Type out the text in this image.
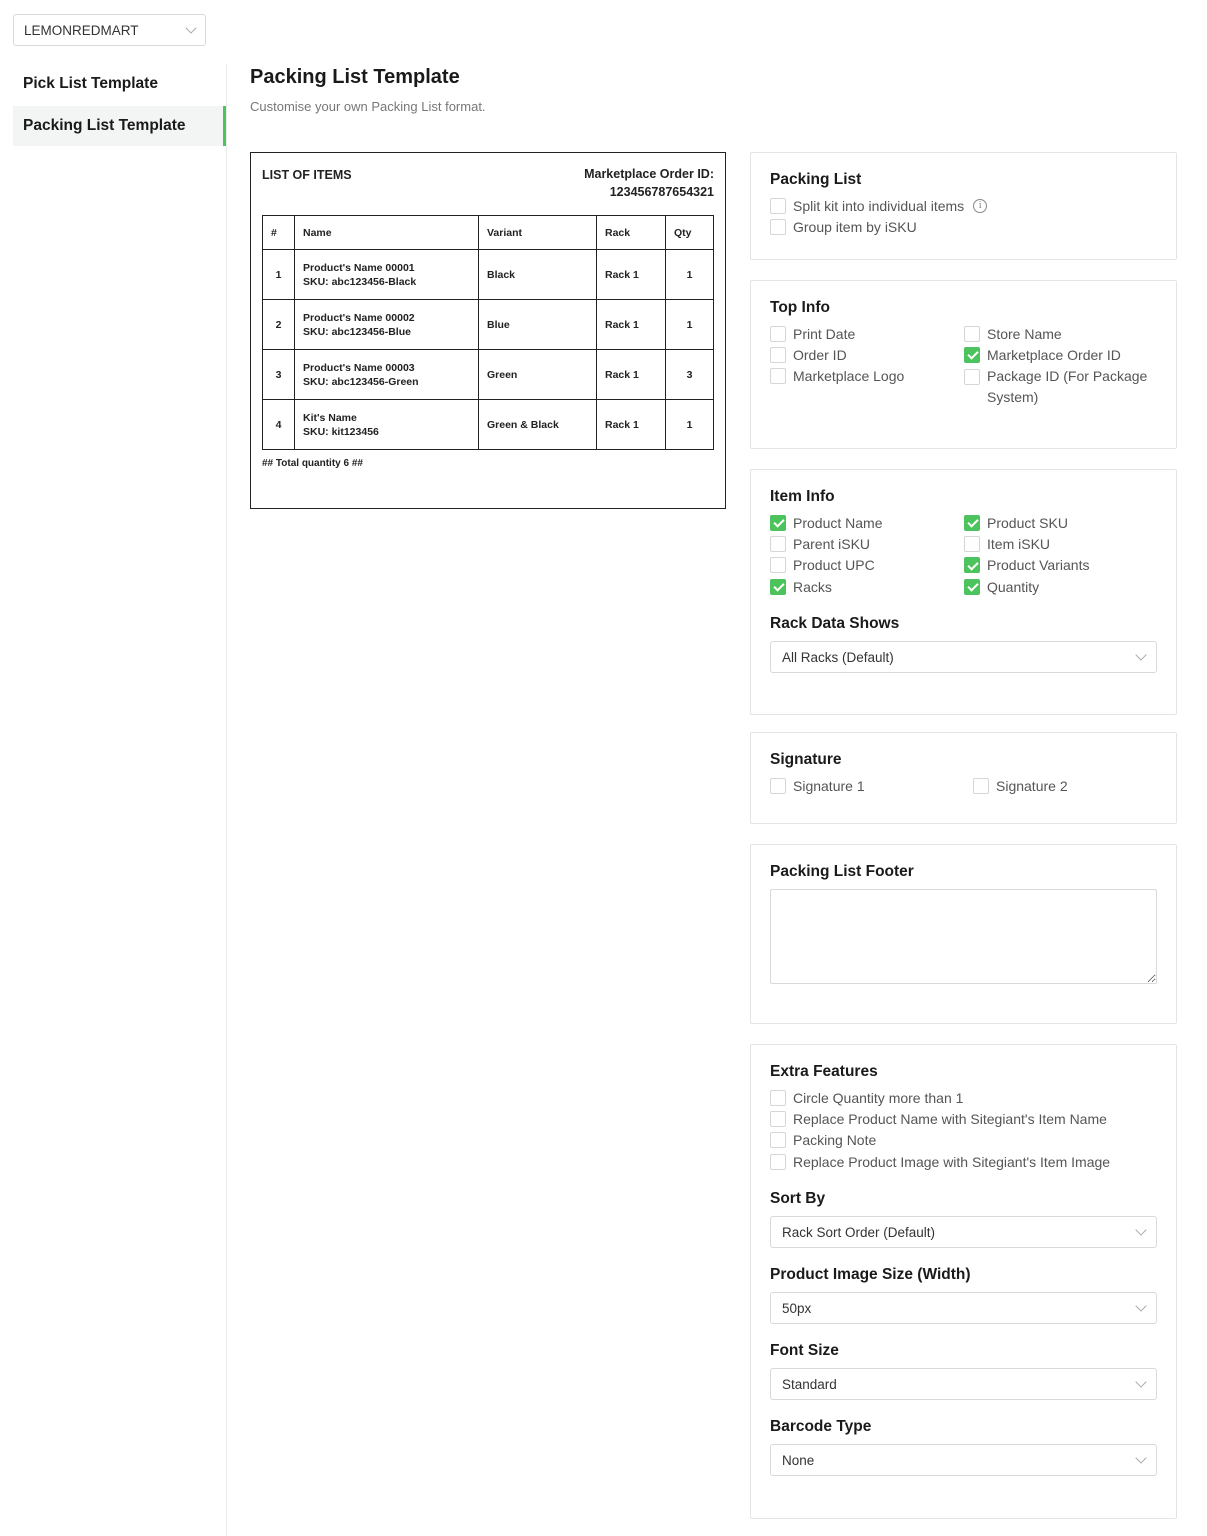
LEMONREDMART
Pick List Template
Packing List Template
Packing List Template
Customise your own Packing List format.
LIST OF ITEMS	Marketplace Order ID:
123456787654321
#	Name	Variant	Rack	Qty
1	Product's Name 00001
SKU: abc123456-Black	Black	Rack 1	1
2	Product's Name 00002
SKU: abc123456-Blue	Blue	Rack 1	1
3	Product's Name 00003
SKU: abc123456-Green	Green	Rack 1	3
4	Kit's Name
SKU: kit123456	Green & Black	Rack 1	1
## Total quantity 6 ##
Packing List
Split kit into individual items	i
Group item by iSKU
Top Info
Print Date	Store Name
Order ID	Marketplace Order ID
Marketplace Logo	Package ID (For Package System)
Item Info
Product Name	Product SKU
Parent iSKU	Item iSKU
Product UPC	Product Variants
Racks	Quantity
Rack Data Shows
All Racks (Default)
Signature
Signature 1	Signature 2
Packing List Footer
Extra Features
Circle Quantity more than 1
Replace Product Name with Sitegiant's Item Name
Packing Note
Replace Product Image with Sitegiant's Item Image
Sort By
Rack Sort Order (Default)
Product Image Size (Width)
50px
Font Size
Standard
Barcode Type
None
